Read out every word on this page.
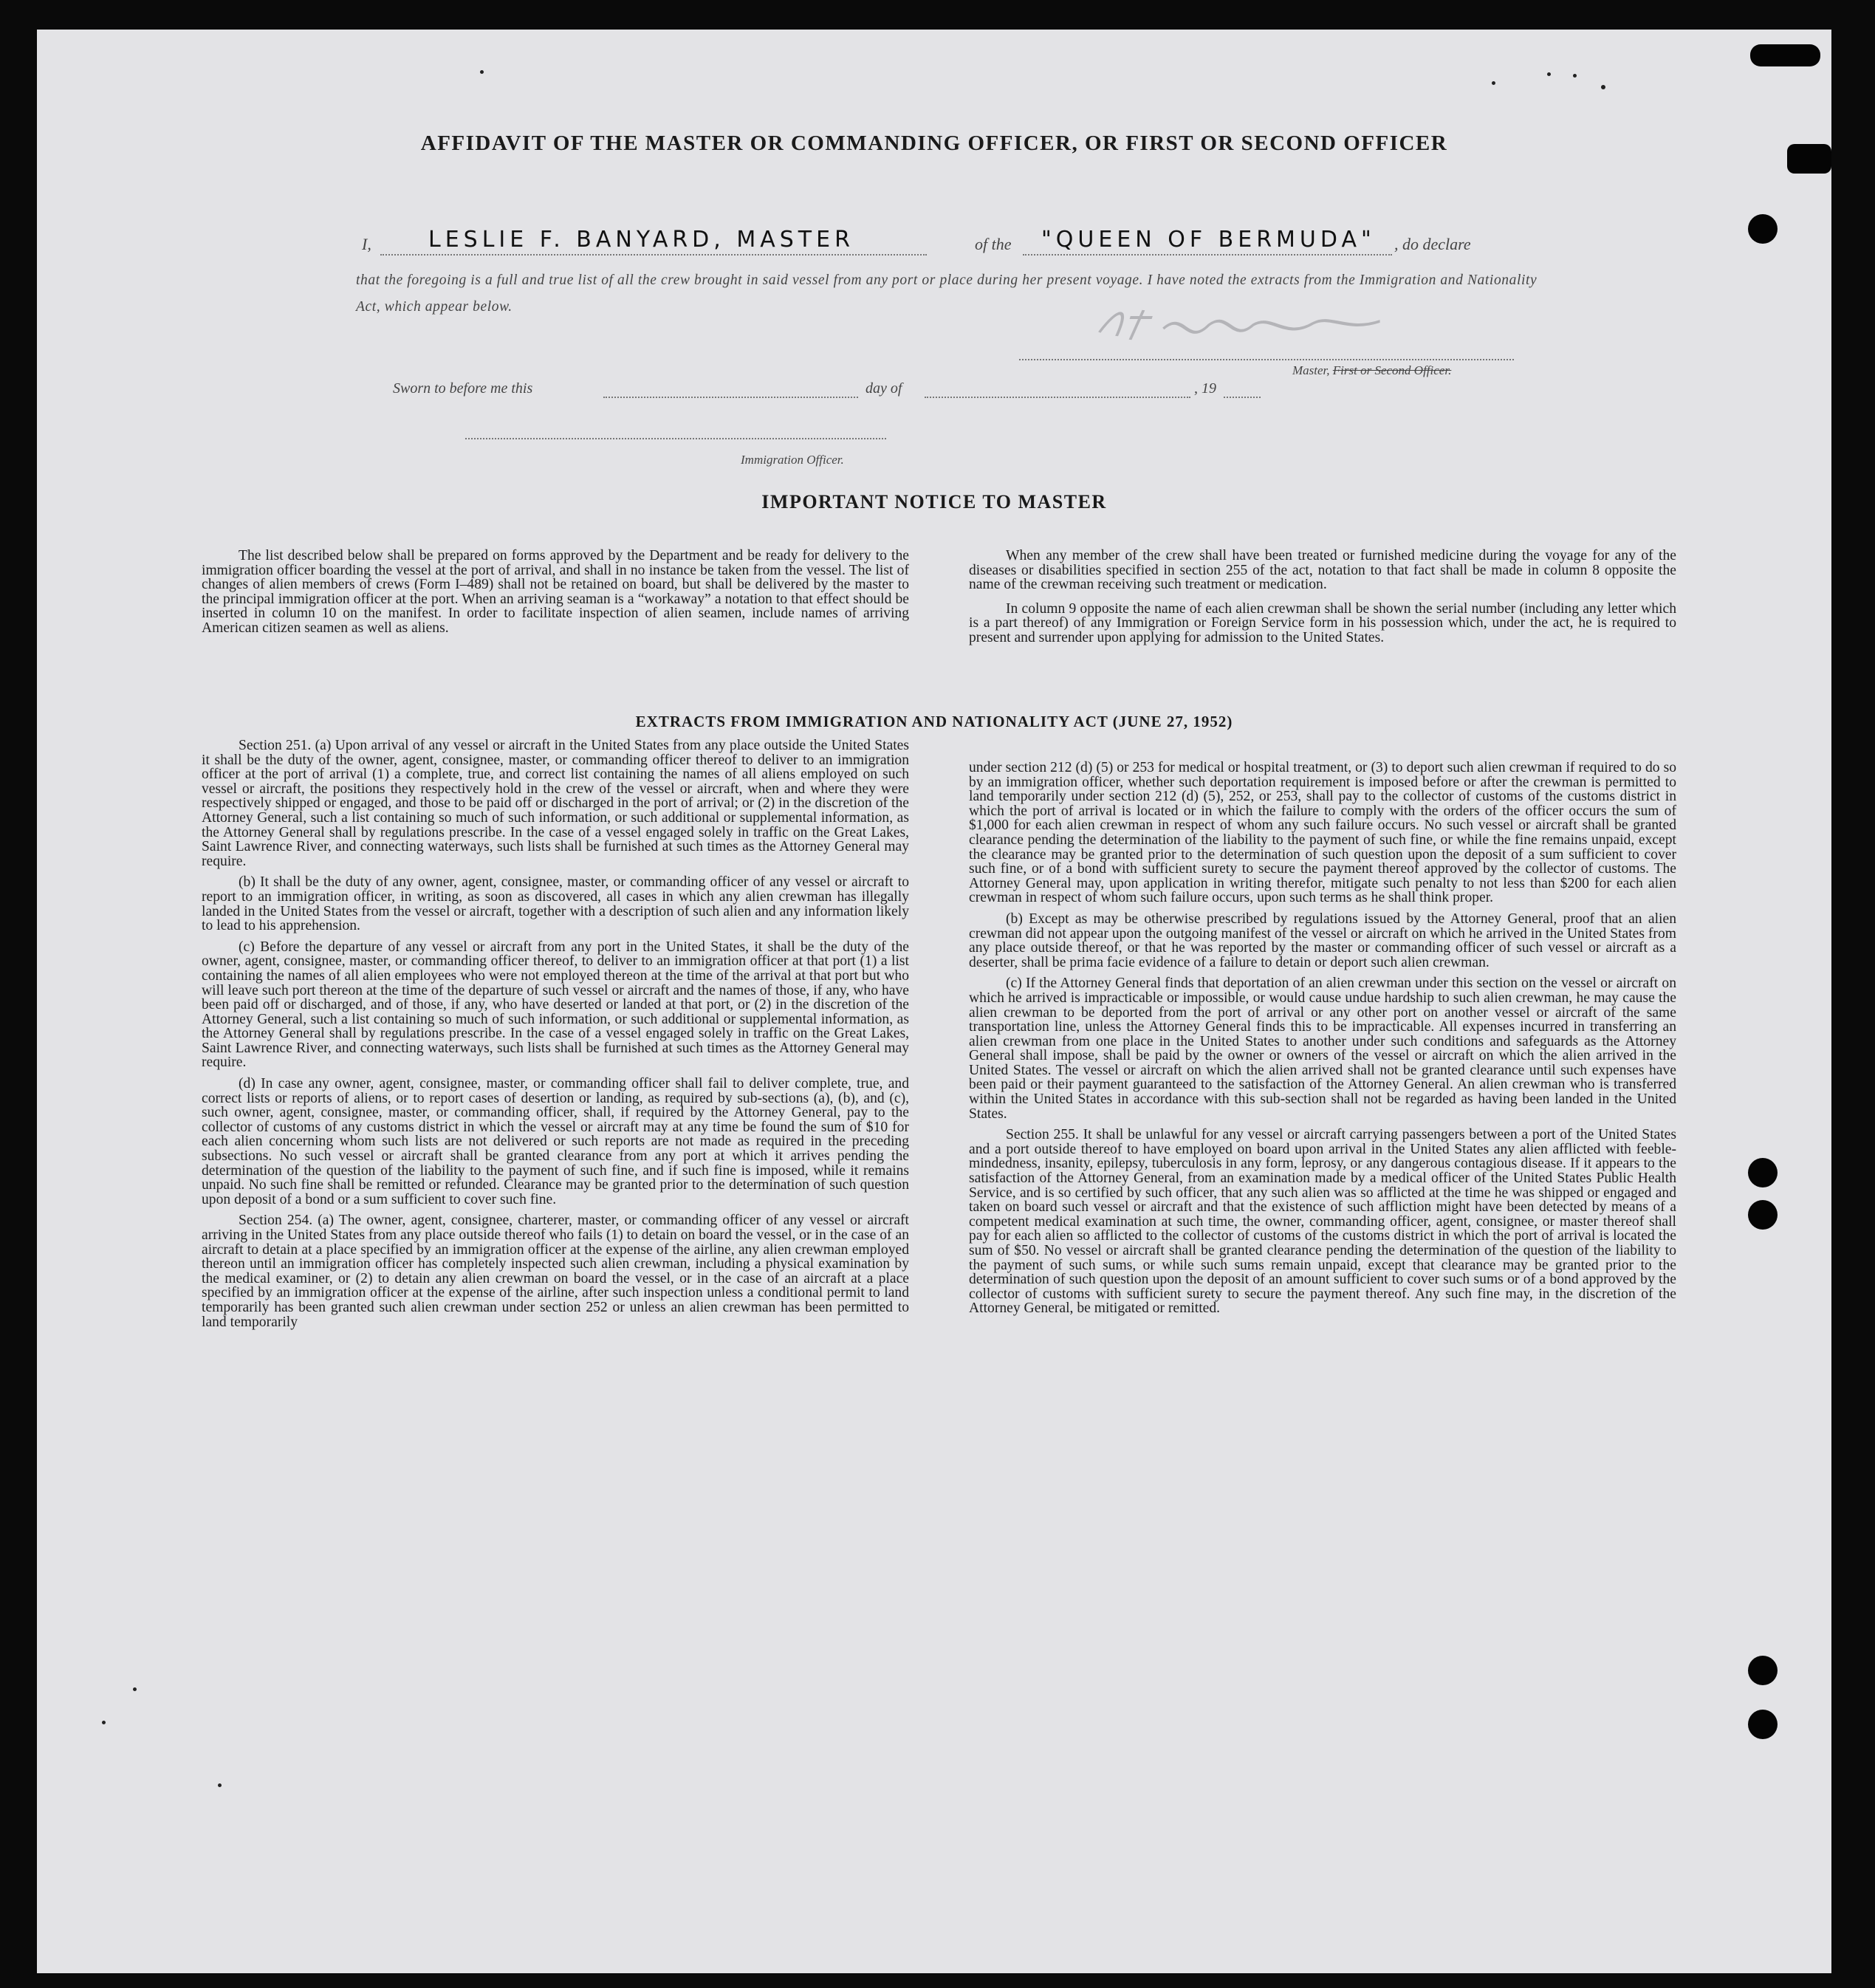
AFFIDAVIT OF THE MASTER OR COMMANDING OFFICER, OR FIRST OR SECOND OFFICER
I,	LESLIE F. BANYARD, MASTER	of the "QUEEN OF BERMUDA" , do declare
that the foregoing is a full and true list of all the crew brought in said vessel from any port or place during her present voyage. I have noted the extracts from the Immigration and Nationality Act, which appear below.
Master, First or Second Officer.
Sworn to before me this	day of	, 19
Immigration Officer.
IMPORTANT NOTICE TO MASTER

The list described below shall be prepared on forms approved by the Department and be ready for delivery to the immigration officer boarding the vessel at the port of arrival, and shall in no instance be taken from the vessel. The list of changes of alien members of crews (Form I–489) shall not be retained on board, but shall be delivered by the master to the principal immigration officer at the port. When an arriving seaman is a “workaway” a notation to that effect should be inserted in column 10 on the manifest. In order to facilitate inspection of alien seamen, include names of arriving American citizen seamen as well as aliens.

When any member of the crew shall have been treated or furnished medicine during the voyage for any of the diseases or disabilities specified in section 255 of the act, notation to that fact shall be made in column 8 opposite the name of the crewman receiving such treatment or medication.

In column 9 opposite the name of each alien crewman shall be shown the serial number (including any letter which is a part thereof) of any Immigration or Foreign Service form in his possession which, under the act, he is required to present and surrender upon applying for admission to the United States.

EXTRACTS FROM IMMIGRATION AND NATIONALITY ACT (JUNE 27, 1952)

Section 251. (a) Upon arrival of any vessel or aircraft in the United States from any place outside the United States it shall be the duty of the owner, agent, consignee, master, or commanding officer thereof to deliver to an immigration officer at the port of arrival (1) a complete, true, and correct list containing the names of all aliens employed on such vessel or aircraft, the positions they respectively hold in the crew of the vessel or aircraft, when and where they were respectively shipped or engaged, and those to be paid off or discharged in the port of arrival; or (2) in the discretion of the Attorney General, such a list containing so much of such information, or such additional or supplemental information, as the Attorney General shall by regulations prescribe. In the case of a vessel engaged solely in traffic on the Great Lakes, Saint Lawrence River, and connecting waterways, such lists shall be furnished at such times as the Attorney General may require.

(b) It shall be the duty of any owner, agent, consignee, master, or commanding officer of any vessel or aircraft to report to an immigration officer, in writing, as soon as discovered, all cases in which any alien crewman has illegally landed in the United States from the vessel or aircraft, together with a description of such alien and any information likely to lead to his apprehension.

(c) Before the departure of any vessel or aircraft from any port in the United States, it shall be the duty of the owner, agent, consignee, master, or commanding officer thereof, to deliver to an immigration officer at that port (1) a list containing the names of all alien employees who were not employed thereon at the time of the arrival at that port but who will leave such port thereon at the time of the departure of such vessel or aircraft and the names of those, if any, who have been paid off or discharged, and of those, if any, who have deserted or landed at that port, or (2) in the discretion of the Attorney General, such a list containing so much of such information, or such additional or supplemental information, as the Attorney General shall by regulations prescribe. In the case of a vessel engaged solely in traffic on the Great Lakes, Saint Lawrence River, and connecting waterways, such lists shall be furnished at such times as the Attorney General may require.

(d) In case any owner, agent, consignee, master, or commanding officer shall fail to deliver complete, true, and correct lists or reports of aliens, or to report cases of desertion or landing, as required by sub-sections (a), (b), and (c), such owner, agent, consignee, master, or commanding officer, shall, if required by the Attorney General, pay to the collector of customs of any customs district in which the vessel or aircraft may at any time be found the sum of $10 for each alien concerning whom such lists are not delivered or such reports are not made as required in the preceding subsections. No such vessel or aircraft shall be granted clearance from any port at which it arrives pending the determination of the question of the liability to the payment of such fine, and if such fine is imposed, while it remains unpaid. No such fine shall be remitted or refunded. Clearance may be granted prior to the determination of such question upon deposit of a bond or a sum sufficient to cover such fine.

Section 254. (a) The owner, agent, consignee, charterer, master, or commanding officer of any vessel or aircraft arriving in the United States from any place outside thereof who fails (1) to detain on board the vessel, or in the case of an aircraft to detain at a place specified by an immigration officer at the expense of the airline, any alien crewman employed thereon until an immigration officer has completely inspected such alien crewman, including a physical examination by the medical examiner, or (2) to detain any alien crewman on board the vessel, or in the case of an aircraft at a place specified by an immigration officer at the expense of the airline, after such inspection unless a conditional permit to land temporarily has been granted such alien crewman under section 252 or unless an alien crewman has been permitted to land temporarily

under section 212 (d) (5) or 253 for medical or hospital treatment, or (3) to deport such alien crewman if required to do so by an immigration officer, whether such deportation requirement is imposed before or after the crewman is permitted to land temporarily under section 212 (d) (5), 252, or 253, shall pay to the collector of customs of the customs district in which the port of arrival is located or in which the failure to comply with the orders of the officer occurs the sum of $1,000 for each alien crewman in respect of whom any such failure occurs. No such vessel or aircraft shall be granted clearance pending the determination of the liability to the payment of such fine, or while the fine remains unpaid, except the clearance may be granted prior to the determination of such question upon the deposit of a sum sufficient to cover such fine, or of a bond with sufficient surety to secure the payment thereof approved by the collector of customs. The Attorney General may, upon application in writing therefor, mitigate such penalty to not less than $200 for each alien crewman in respect of whom such failure occurs, upon such terms as he shall think proper.

(b) Except as may be otherwise prescribed by regulations issued by the Attorney General, proof that an alien crewman did not appear upon the outgoing manifest of the vessel or aircraft on which he arrived in the United States from any place outside thereof, or that he was reported by the master or commanding officer of such vessel or aircraft as a deserter, shall be prima facie evidence of a failure to detain or deport such alien crewman.

(c) If the Attorney General finds that deportation of an alien crewman under this section on the vessel or aircraft on which he arrived is impracticable or impossible, or would cause undue hardship to such alien crewman, he may cause the alien crewman to be deported from the port of arrival or any other port on another vessel or aircraft of the same transportation line, unless the Attorney General finds this to be impracticable. All expenses incurred in transferring an alien crewman from one place in the United States to another under such conditions and safeguards as the Attorney General shall impose, shall be paid by the owner or owners of the vessel or aircraft on which the alien arrived in the United States. The vessel or aircraft on which the alien arrived shall not be granted clearance until such expenses have been paid or their payment guaranteed to the satisfaction of the Attorney General. An alien crewman who is transferred within the United States in accordance with this sub-section shall not be regarded as having been landed in the United States.

Section 255. It shall be unlawful for any vessel or aircraft carrying passengers between a port of the United States and a port outside thereof to have employed on board upon arrival in the United States any alien afflicted with feeble-mindedness, insanity, epilepsy, tuberculosis in any form, leprosy, or any dangerous contagious disease. If it appears to the satisfaction of the Attorney General, from an examination made by a medical officer of the United States Public Health Service, and is so certified by such officer, that any such alien was so afflicted at the time he was shipped or engaged and taken on board such vessel or aircraft and that the existence of such affliction might have been detected by means of a competent medical examination at such time, the owner, commanding officer, agent, consignee, or master thereof shall pay for each alien so afflicted to the collector of customs of the customs district in which the port of arrival is located the sum of $50. No vessel or aircraft shall be granted clearance pending the determination of the question of the liability to the payment of such sums, or while such sums remain unpaid, except that clearance may be granted prior to the determination of such question upon the deposit of an amount sufficient to cover such sums or of a bond approved by the collector of customs with sufficient surety to secure the payment thereof. Any such fine may, in the discretion of the Attorney General, be mitigated or remitted.
